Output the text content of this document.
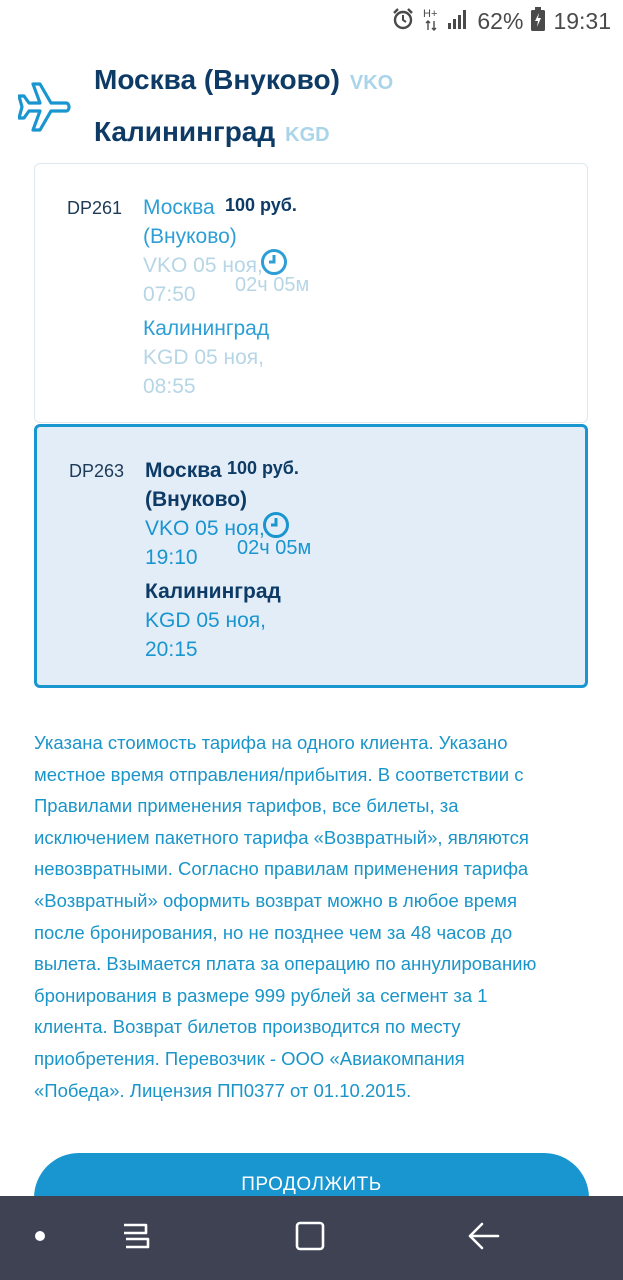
H+ 62% 19:31
Москва (Внуково) VKO
Калининград KGD
DP261 Москва 100 руб.
(Внуково)
VKO 05 ноя,
07:50 02ч 05м
Калининград
KGD 05 ноя,
08:55
DP263 Москва 100 руб.
(Внуково)
VKO 05 ноя,
19:10 02ч 05м
Калининград
KGD 05 ноя,
20:15
Указана стоимость тарифа на одного клиента. Указано
местное время отправления/прибытия. В соответствии с
Правилами применения тарифов, все билеты, за
исключением пакетного тарифа «Возвратный», являются
невозвратными. Согласно правилам применения тарифа
«Возвратный» оформить возврат можно в любое время
после бронирования, но не позднее чем за 48 часов до
вылета. Взымается плата за операцию по аннулированию
бронирования в размере 999 рублей за сегмент за 1
клиента. Возврат билетов производится по месту
приобретения. Перевозчик - ООО «Авиакомпания
«Победа». Лицензия ПП0377 от 01.10.2015.
ПРОДОЛЖИТЬ
